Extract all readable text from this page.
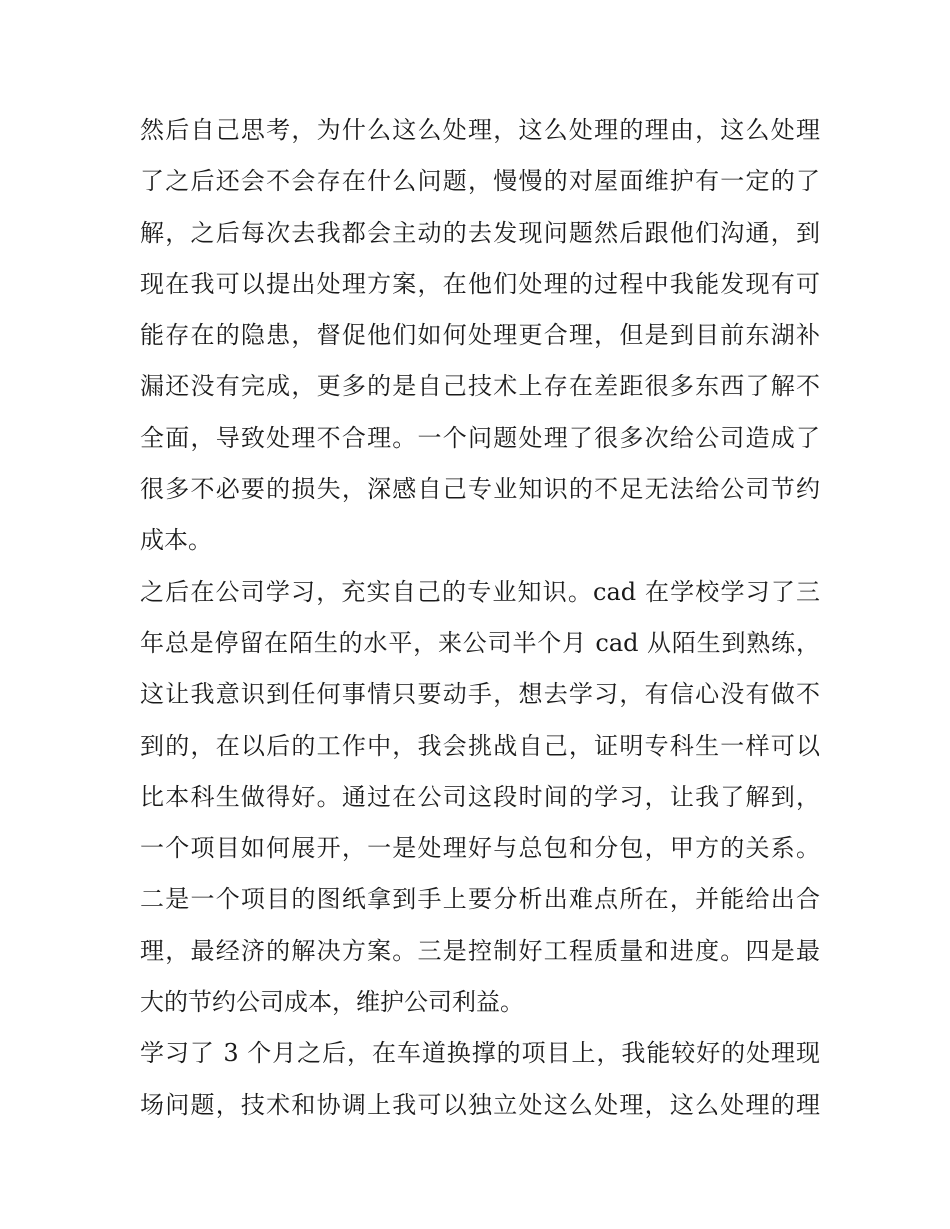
然后自己思考，为什么这么处理，这么处理的理由，这么处理
了之后还会不会存在什么问题，慢慢的对屋面维护有一定的了
解，之后每次去我都会主动的去发现问题然后跟他们沟通，到
现在我可以提出处理方案，在他们处理的过程中我能发现有可
能存在的隐患，督促他们如何处理更合理，但是到目前东湖补
漏还没有完成，更多的是自己技术上存在差距很多东西了解不
全面，导致处理不合理。一个问题处理了很多次给公司造成了
很多不必要的损失，深感自己专业知识的不足无法给公司节约
成本。
之后在公司学习，充实自己的专业知识。cad 在学校学习了三
年总是停留在陌生的水平，来公司半个月 cad 从陌生到熟练，
这让我意识到任何事情只要动手，想去学习，有信心没有做不
到的，在以后的工作中，我会挑战自己，证明专科生一样可以
比本科生做得好。通过在公司这段时间的学习，让我了解到，
一个项目如何展开，一是处理好与总包和分包，甲方的关系。
二是一个项目的图纸拿到手上要分析出难点所在，并能给出合
理，最经济的解决方案。三是控制好工程质量和进度。四是最
大的节约公司成本，维护公司利益。
学习了 3 个月之后，在车道换撑的项目上，我能较好的处理现
场问题，技术和协调上我可以独立处这么处理，这么处理的理
